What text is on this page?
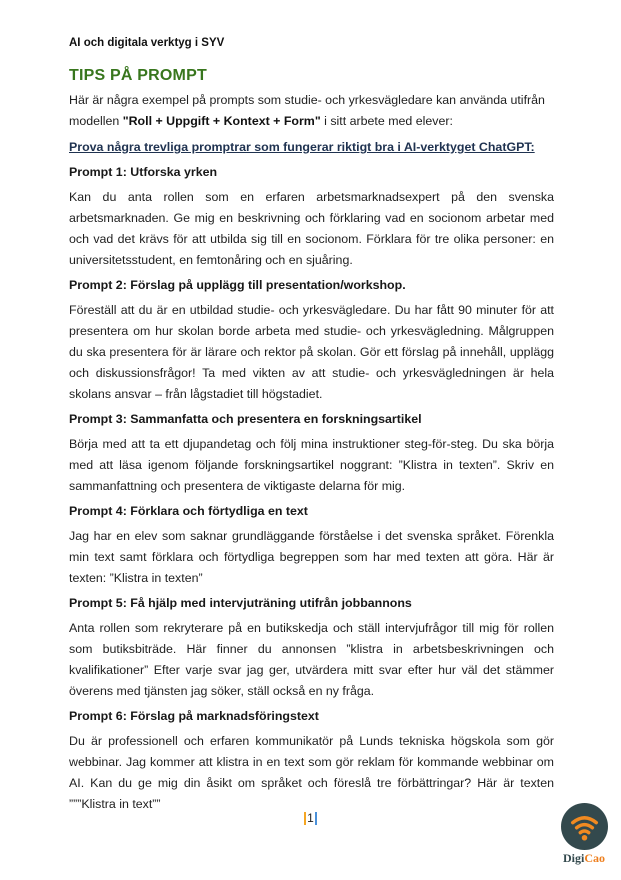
AI och digitala verktyg i SYV
TIPS PÅ PROMPT

Här är några exempel på prompts som studie- och yrkesvägledare kan använda utifrån modellen "Roll + Uppgift + Kontext + Form" i sitt arbete med elever:

Prova några trevliga promptrar som fungerar riktigt bra i AI-verktyget ChatGPT:

Prompt 1: Utforska yrken

Kan du anta rollen som en erfaren arbetsmarknadsexpert på den svenska arbetsmarknaden. Ge mig en beskrivning och förklaring vad en socionom arbetar med och vad det krävs för att utbilda sig till en socionom. Förklara för tre olika personer: en universitetsstudent, en femtonåring och en sjuåring.

Prompt 2: Förslag på upplägg till presentation/workshop.

Föreställ att du är en utbildad studie- och yrkesvägledare. Du har fått 90 minuter för att presentera om hur skolan borde arbeta med studie- och yrkesvägledning. Målgruppen du ska presentera för är lärare och rektor på skolan. Gör ett förslag på innehåll, upplägg och diskussionsfrågor! Ta med vikten av att studie- och yrkesvägledningen är hela skolans ansvar – från lågstadiet till högstadiet.

Prompt 3: Sammanfatta och presentera en forskningsartikel

Börja med att ta ett djupandetag och följ mina instruktioner steg-för-steg. Du ska börja med att läsa igenom följande forskningsartikel noggrant: ”Klistra in texten”. Skriv en sammanfattning och presentera de viktigaste delarna för mig.

Prompt 4: Förklara och förtydliga en text

Jag har en elev som saknar grundläggande förståelse i det svenska språket. Förenkla min text samt förklara och förtydliga begreppen som har med texten att göra. Här är texten: ”Klistra in texten”

Prompt 5: Få hjälp med intervjuträning utifrån jobbannons

Anta rollen som rekryterare på en butikskedja och ställ intervjufrågor till mig för rollen som butiksbiträde. Här finner du annonsen ”klistra in arbetsbeskrivningen och kvalifikationer” Efter varje svar jag ger, utvärdera mitt svar efter hur väl det stämmer överens med tjänsten jag söker, ställ också en ny fråga.

Prompt 6: Förslag på marknadsföringstext

Du är professionell och erfaren kommunikatör på Lunds tekniska högskola som gör webbinar. Jag kommer att klistra in en text som gör reklam för kommande webbinar om AI. Kan du ge mig din åsikt om språket och föreslå tre förbättringar? Här är texten ”””Klistra in text””

1
DigiCao
